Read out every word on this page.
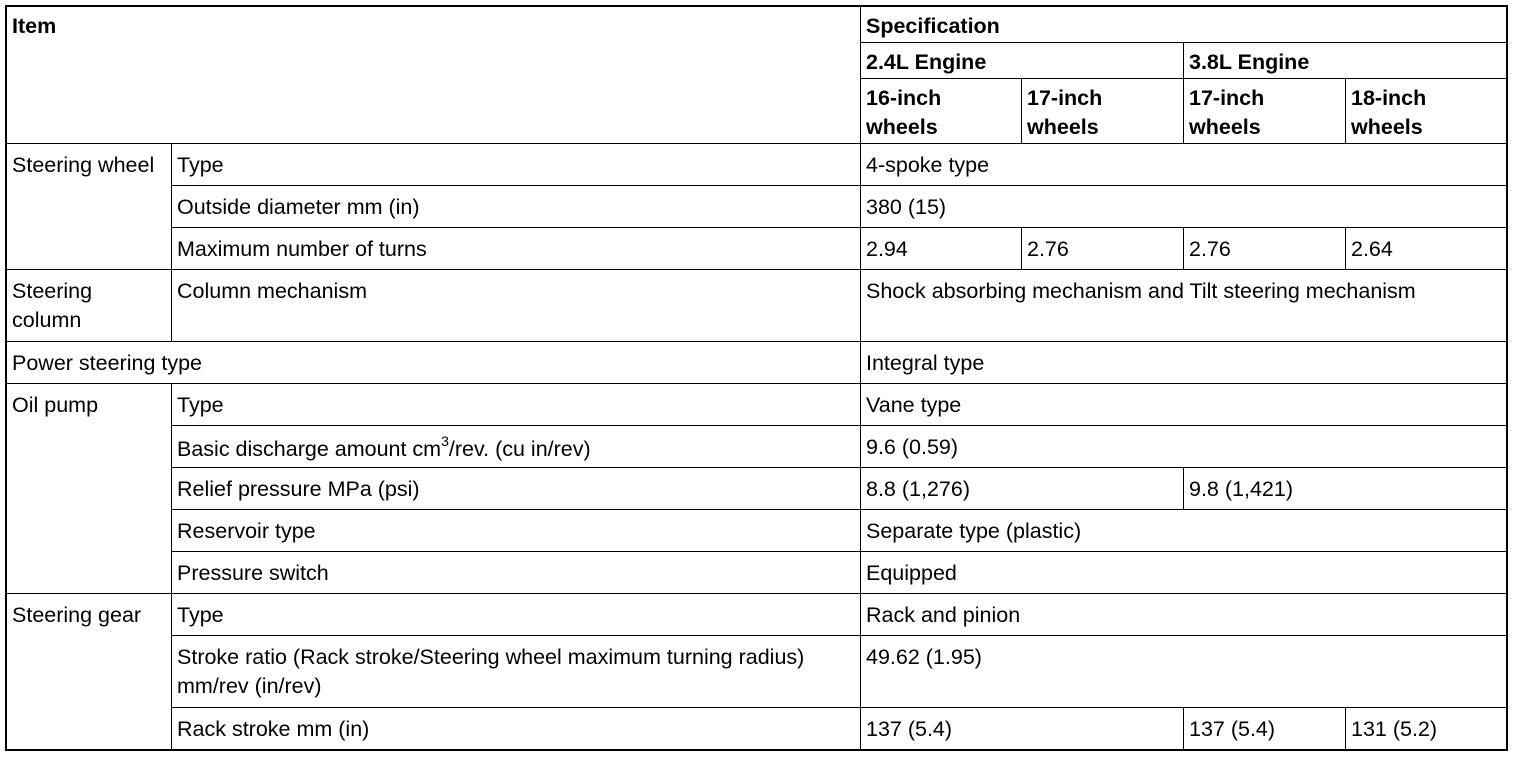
Item		Specification			
		2.4L Engine		3.8L Engine	
		16-inch wheels	17-inch wheels	17-inch wheels	18-inch wheels
Steering wheel	Type	4-spoke type			
	Outside diameter mm (in)	380 (15)			
	Maximum number of turns	2.94	2.76	2.76	2.64
Steering column	Column mechanism	Shock absorbing mechanism and Tilt steering mechanism			
Power steering type		Integral type			
Oil pump	Type	Vane type			
	Basic discharge amount $cm^3$/rev. (cu in/rev)	9.6 (0.59)			
	Relief pressure MPa (psi)	8.8 (1,276)		9.8 (1,421)	
	Reservoir type	Separate type (plastic)			
	Pressure switch	Equipped			
Steering gear	Type	Rack and pinion			
	Stroke ratio (Rack stroke/Steering wheel maximum turning radius) mm/rev (in/rev)	49.62 (1.95)			
	Rack stroke mm (in)	137 (5.4)		137 (5.4)	131 (5.2)
